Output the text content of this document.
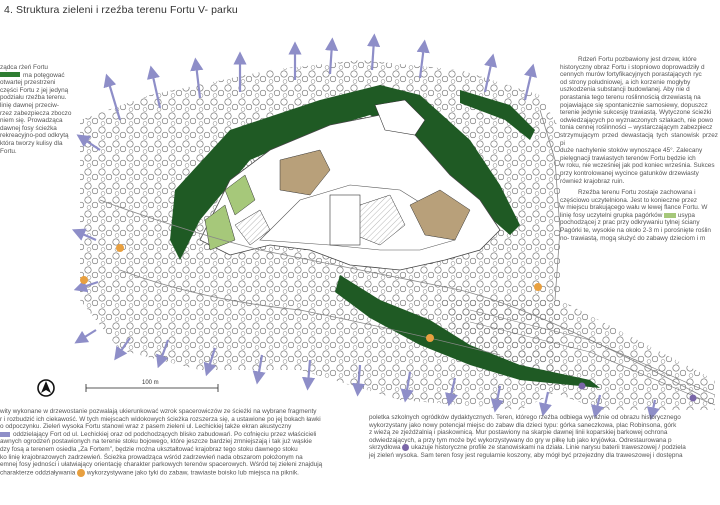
4. Struktura zieleni i rzeźba terenu Fortu V- parku

ządca rżeń Fortu

ma potęgować

otwartej przestrzeni

części Fortu z jej jedyną

podziału rzeźba terenu.

linię dawnej przeciw-

rzez zabezpiecza zboczo

niem się. Prowadząca

dawnej fosy ścieżka

rekreacyjno-pod odkrytą

która tworzy kulisy dla

Fortu.

100 m

Rdzeń Fortu pozbawiony jest drzew, które

historyczny obraz Fortu i stopniowo doprowadziły d

cennych murów fortyfikacyjnych porastających ryc

od strony południowej, a ich korzenie mogłyby

uszkodzenia substancji budowlanej. Aby nie d

porastania tego terenu roślinnością drzewiastą na

pojawiające się spontanicznie samosiewy, dopuszcz

terenie jedynie sukcesję trawiastą. Wytyczone ścieżki

odwiedzających po wyznaczonych szlakach, nie powo

tonia cennej roślinności – wystarczającym zabezpiecz

strzymującym przed dewastacją tych stanowisk przez pi

duże nachylenie stoków wynoszące 45°. Zalecany

pielęgnacji trawiastych terenów Fortu będzie ich

w roku, nie wcześniej jak pod koniec września. Sukces

przy kontrolowanej wycince gatunków drzewiasty

również krajobraz ruin.

Rzeźba terenu Fortu zostaje zachowana i

częściowo uczytelniona. Jest to konieczne przez

w miejscu brakującego wału w lewej flance Fortu. W

linię fosy uczytelni grupka pagórków usypa

pochodzącej z prac przy odkrywaniu tylnej ściany

Pagórki te, wysokie na około 2-3 m i porośnięte roślin

no- trawiastą, mogą służyć do zabawy dzieciom i m

wity wykonane w drzewostanie pozwalają ukierunkować wzrok spacerowiczów ze ścieżki na wybrane fragmenty

r i rozbudzić ich ciekawość. W tych miejscach widokowych ścieżka rozszerza się, a ustawione po jej bokach ławki

o odpoczynku. Zieleń wysoka Fortu stanowi wraz z pasem zieleni ul. Lechickiej także ekran akustyczny

oddzielający Fort od ul. Lechickiej oraz od podchodzących blisko zabudowań. Po cofnięciu przez właścicieli

awnych ogrodzeń postawionych na terenie stoku bojowego, które jeszcze bardziej zmniejszają i tak już wąskie

dzy fosą a terenem osiedla „Za Fortem”, będzie można ukształtować krajobraz tego stoku dawnego stoku

ko linię krajobrazowych zadrzewień. Ścieżka prowadząca wśród zadrzewień nada obszarom położonym na

emnej fosy jedności i ułatwiający orientację charakter parkowych terenów spacerowych. Wśród tej zieleni znajdują

charakterze oddziaływania wykorzystywane jako tyki do zabaw, trawiaste boisko lub miejsca na piknik.

poletka szkolnych ogródków dydaktycznych. Teren, którego rzeźba odbiega wyraźnie od obrazu historycznego

wykorzystany jako nowy potencjał miejsc do zabaw dla dzieci typu: górka saneczkowa, plac Robinsona, górk

z wieżą ze zjeżdżalnią i piaskownicą. Mur postawiony na skarpie dawnej linii koparskiej barkowej ochrona

odwiedzających, a przy tym może być wykorzystywany do gry w piłkę lub jako kryjówka. Odrestaurowana p

skrzydłowa ukazuje historyczne profile ze stanowiskami na działa. Linie narysu baterii traweszowej / podziela

jej zieleń wysoka. Sam teren fosy jest regularnie koszony, aby mógł być przejezdny dla traweszowej i dostępna
